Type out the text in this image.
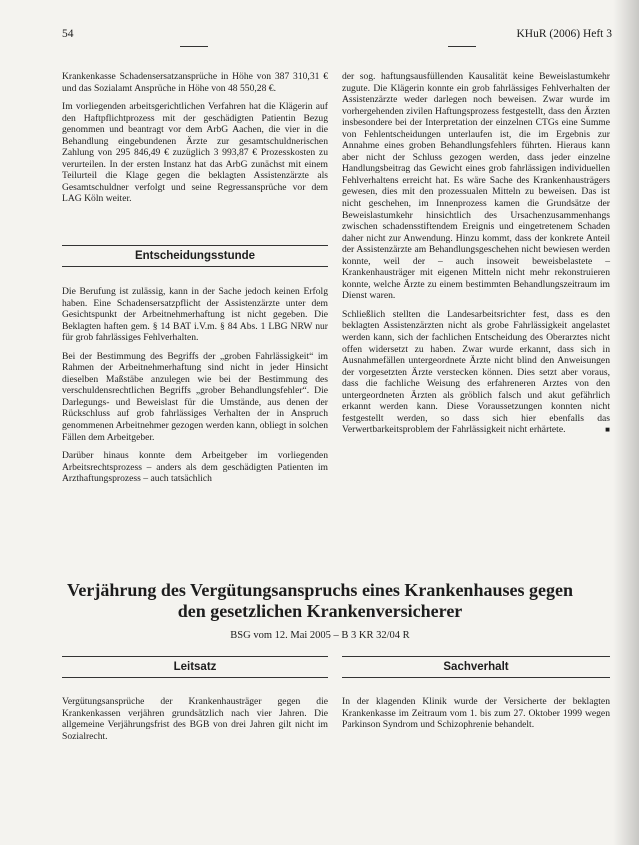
54	KHuR (2006) Heft 3

Krankenkasse Schadensersatzansprüche in Höhe von 387 310,31 € und das Sozialamt Ansprüche in Höhe von 48 550,28 €.

Im vorliegenden arbeitsgerichtlichen Verfahren hat die Klägerin auf den Haftpflichtprozess mit der geschädigten Patientin Bezug genommen und beantragt vor dem ArbG Aachen, die vier in die Behandlung eingebundenen Ärzte zur gesamtschuldnerischen Zahlung von 295 846,49 € zuzüglich 3 993,87 € Prozesskosten zu verurteilen. In der ersten Instanz hat das ArbG zunächst mit einem Teilurteil die Klage gegen die beklagten Assistenzärzte als Gesamtschuldner verfolgt und seine Regressansprüche vor dem LAG Köln weiter.

Entscheidungsstunde

Die Berufung ist zulässig, kann in der Sache jedoch keinen Erfolg haben. Eine Schadensersatzpflicht der Assistenzärzte unter dem Gesichtspunkt der Arbeitnehmerhaftung ist nicht gegeben. Die Beklagten haften gem. § 14 BAT i.V.m. § 84 Abs. 1 LBG NRW nur für grob fahrlässiges Fehlverhalten.

Bei der Bestimmung des Begriffs der „groben Fahrlässigkeit“ im Rahmen der Arbeitnehmerhaftung sind nicht in jeder Hinsicht dieselben Maßstäbe anzulegen wie bei der Bestimmung des verschuldensrechtlichen Begriffs „grober Behandlungsfehler“. Die Darlegungs- und Beweislast für die Umstände, aus denen der Rückschluss auf grob fahrlässiges Verhalten der in Anspruch genommenen Arbeitnehmer gezogen werden kann, obliegt in solchen Fällen dem Arbeitgeber.

Darüber hinaus konnte dem Arbeitgeber im vorliegenden Arbeitsrechtsprozess – anders als dem geschädigten Patienten im Arzthaftungsprozess – auch tatsächlich

der sog. haftungsausfüllenden Kausalität keine Beweislastumkehr zugute. Die Klägerin konnte ein grob fahrlässiges Fehlverhalten der Assistenzärzte weder darlegen noch beweisen. Zwar wurde im vorhergehenden zivilen Haftungsprozess festgestellt, dass den Ärzten insbesondere bei der Interpretation der einzelnen CTGs eine Summe von Fehlentscheidungen unterlaufen ist, die im Ergebnis zur Annahme eines groben Behandlungsfehlers führten. Hieraus kann aber nicht der Schluss gezogen werden, dass jeder einzelne Handlungsbeitrag das Gewicht eines grob fahrlässigen individuellen Fehlverhaltens erreicht hat. Es wäre Sache des Krankenhausträgers gewesen, dies mit den prozessualen Mitteln zu beweisen. Das ist nicht geschehen, im Innenprozess kamen die Grundsätze der Beweislastumkehr hinsichtlich des Ursachenzusammenhangs zwischen schadensstiftendem Ereignis und eingetretenem Schaden daher nicht zur Anwendung. Hinzu kommt, dass der konkrete Anteil der Assistenzärzte am Behandlungsgeschehen nicht bewiesen werden konnte, weil der – auch insoweit beweisbelastete – Krankenhausträger mit eigenen Mitteln nicht mehr rekonstruieren konnte, welche Ärzte zu einem bestimmten Behandlungszeitraum im Dienst waren.

Schließlich stellten die Landesarbeitsrichter fest, dass es den beklagten Assistenzärzten nicht als grobe Fahrlässigkeit angelastet werden kann, sich der fachlichen Entscheidung des Oberarztes nicht offen widersetzt zu haben. Zwar wurde erkannt, dass sich in Ausnahmefällen untergeordnete Ärzte nicht blind den Anweisungen der vorgesetzten Ärzte verstecken können. Dies setzt aber voraus, dass die fachliche Weisung des erfahreneren Arztes von den untergeordneten Ärzten als gröblich falsch und akut gefährlich erkannt werden kann. Diese Voraussetzungen konnten nicht festgestellt werden, so dass sich hier ebenfalls das Verwertbarkeitsproblem der Fahrlässigkeit nicht erhärtete.	■

Verjährung des Vergütungsanspruchs eines Krankenhauses gegen den gesetzlichen Krankenversicherer
BSG vom 12. Mai 2005 – B 3 KR 32/04 R
Leitsatz	Sachverhalt

Vergütungsansprüche der Krankenhausträger gegen die Krankenkassen verjähren grundsätzlich nach vier Jahren. Die allgemeine Verjährungsfrist des BGB von drei Jahren gilt nicht im Sozialrecht.

In der klagenden Klinik wurde der Versicherte der beklagten Krankenkasse im Zeitraum vom 1. bis zum 27. Oktober 1999 wegen Parkinson Syndrom und Schizophrenie behandelt.
